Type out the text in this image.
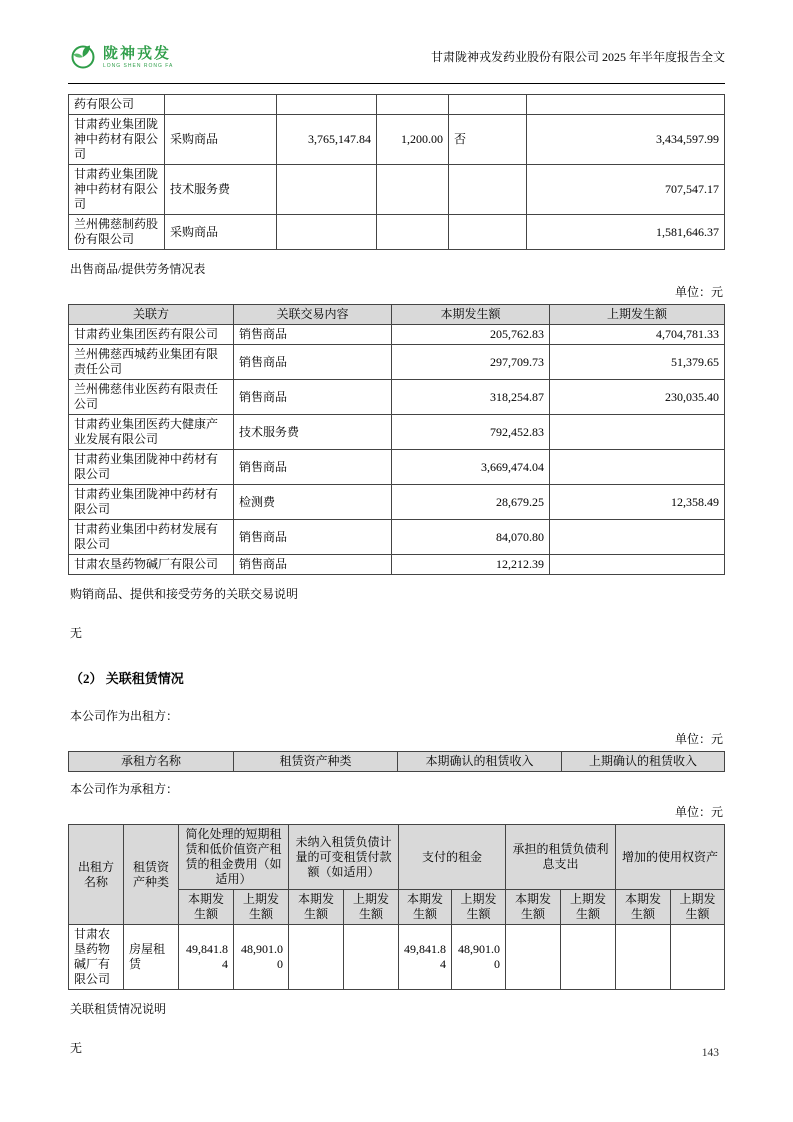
陇神戎发
LONG SHEN RONG FA
甘肃陇神戎发药业股份有限公司 2025 年半年度报告全文
药有限公司					
甘肃药业集团陇神中药材有限公司	采购商品	3,765,147.84	1,200.00	否	3,434,597.99
甘肃药业集团陇神中药材有限公司	技术服务费				707,547.17
兰州佛慈制药股份有限公司	采购商品				1,581,646.37
出售商品/提供劳务情况表
单位：元
关联方	关联交易内容	本期发生额	上期发生额
甘肃药业集团医药有限公司	销售商品	205,762.83	4,704,781.33
兰州佛慈西城药业集团有限责任公司	销售商品	297,709.73	51,379.65
兰州佛慈伟业医药有限责任公司	销售商品	318,254.87	230,035.40
甘肃药业集团医药大健康产业发展有限公司	技术服务费	792,452.83	
甘肃药业集团陇神中药材有限公司	销售商品	3,669,474.04	
甘肃药业集团陇神中药材有限公司	检测费	28,679.25	12,358.49
甘肃药业集团中药材发展有限公司	销售商品	84,070.80	
甘肃农垦药物碱厂有限公司	销售商品	12,212.39	
购销商品、提供和接受劳务的关联交易说明
无
（2） 关联租赁情况
本公司作为出租方：
单位：元
承租方名称	租赁资产种类	本期确认的租赁收入	上期确认的租赁收入
本公司作为承租方：
单位：元
出租方名称	租赁资产种类	简化处理的短期租赁和低价值资产租赁的租金费用（如适用）		未纳入租赁负债计量的可变租赁付款额（如适用）		支付的租金		承担的租赁负债利息支出		增加的使用权资产	
		本期发生额	上期发生额	本期发生额	上期发生额	本期发生额	上期发生额	本期发生额	上期发生额	本期发生额	上期发生额
甘肃农垦药物碱厂有限公司	房屋租赁	49,841.84	48,901.00			49,841.84	48,901.00				
关联租赁情况说明
无	143
